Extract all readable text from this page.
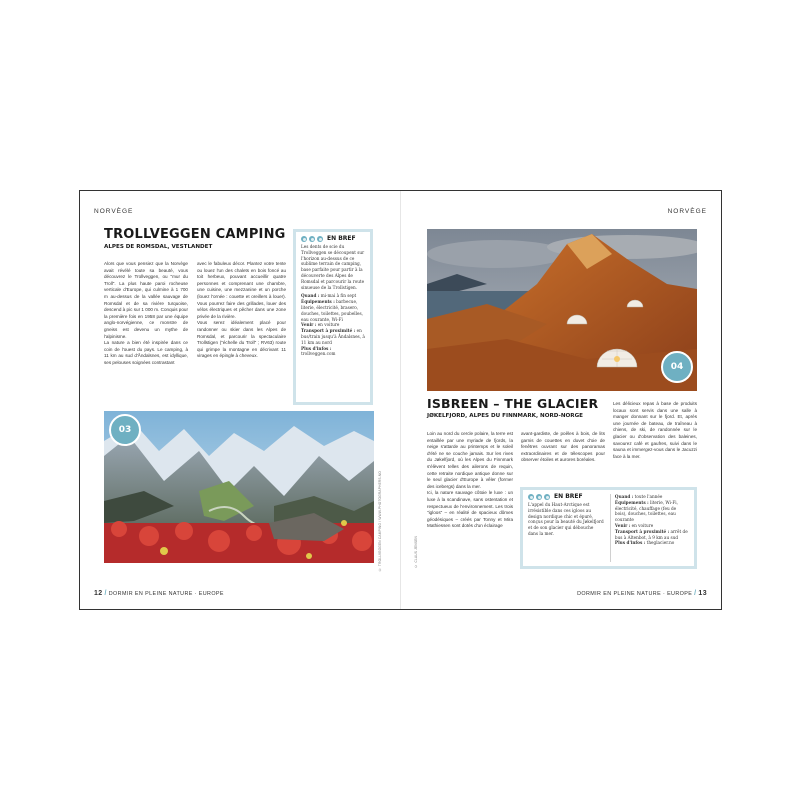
NORVÈGE
TROLLVEGGEN CAMPING
ALPES DE ROMSDAL, VESTLANDET
Alors que vous pensiez que la Norvège avait révélé toute sa beauté, vous découvrez le Trollveggen, ou "mur du Troll". La plus haute paroi rocheuse verticale d'Europe, qui culmine à 1 700 m au-dessus de la vallée sauvage de Romsdal et de sa rivière turquoise, descend à pic sur 1 000 m. Conquis pour la première fois en 1958 par une équipe anglo-norvégienne, ce monstre de gneiss est devenu un mythe de l'alpinisme.
La nature a bien été inspirée dans ce coin de l'ouest du pays. Le camping, à 11 km au sud d'Åndalsnes, est idyllique, ses pelouses soignées contrastant
avec le fabuleux décor. Plantez votre tente ou louez l'un des chalets en bois foncé au toit herbeux, pouvant accueillir quatre personnes et comprenant une chambre, une cuisine, une mezzanine et un porche (louez l'ornée : couette et oreillers à louer). Vous pourrez faire des grillades, louer des vélos électriques et pêcher dans une zone privée de la rivière.
Vous serez idéalement placé pour randonner ou skier dans les Alpes de Romsdal, et parcourir la spectaculaire Trollstigen ("échelle du Troll" ; RV63) route qui grimpe la montagne en décrivant 11 virages en épingle à cheveux.
EN BREF
Les dents de scie du Trollveggen se découpent sur l'horizon au-dessus de ce sublime terrain de camping, base parfaite pour partir à la découverte des Alpes de Romsdal et parcourir la route sinueuse de la Trollstigen.
Quand : mi-mai à fin sept
Équipements : barbecue, literie, électricité, brasero, douches, toilettes, poubelles, eau courante, Wi-Fi
Venir : en voiture
Transport à proximité : en bus/train jusqu'à Åndalsnes, à 11 km au nord
Plus d'infos : trollveggen.com
03
© TROLLVEGGEN CAMPING / WWW.PHOTOGRAPHERS.NO
12 / DORMIR EN PLEINE NATURE · EUROPE
NORVÈGE
04
ISBREEN – THE GLACIER
JØKELFJORD, ALPES DU FINNMARK, NORD-NORGE
Loin au nord du cercle polaire, la terre est entaillée par une myriade de fjords, la neige s'attarde au printemps et le soleil d'été ne se couche jamais. Sur les rives du Jøkelfjord, où les Alpes du Finnmark s'élèvent telles des ailerons de requin, cette retraite nordique antique donne sur le seul glacier d'Europe à vêler (former des icebergs) dans la mer.
Ici, la nature sauvage côtoie le luxe : un luxe à la scandinave, sans ostentation et respectueux de l'environnement. Les trois "igloos" – en réalité de spacieux dômes géodésiques – créés par Tonny et Mira Mathiessen sont dotés d'un éclairage
avant-gardiste, de poêles à bois, de lits garnis de couettes en duvet d'oie de fenêtres ouvrant sur des panoramas extraordinaires et de télescopes pour observer étoiles et aurores boréales.
Les délicieux repas à base de produits locaux sont servis dans une salle à manger donnant sur le fjord. Et, après une journée de bateau, de traîneau à chiens, de ski, de randonnée sur le glacier ou d'observation des baleines, savourez café et gaufres, suivi dans le sauna et immergez-vous dans le Jacuzzi face à la mer.
EN BREF
L'appel du Haut-Arctique est irrésistible dans ces igloos au design nordique chic et épuré, conçus pour la beauté du Jøkelfjord et de son glacier qui débouche dans la mer.
Quand : toute l'année
Équipements : literie, Wi-Fi, électricité, chauffage (feu de bois), douches, toilettes, eau courante
Venir : en voiture
Transport à proximité : arrêt de bus à Altenbot, à 9 km au sud
Plus d'infos : theglacier.no
© CLAUS JENSEN
DORMIR EN PLEINE NATURE · EUROPE / 13
